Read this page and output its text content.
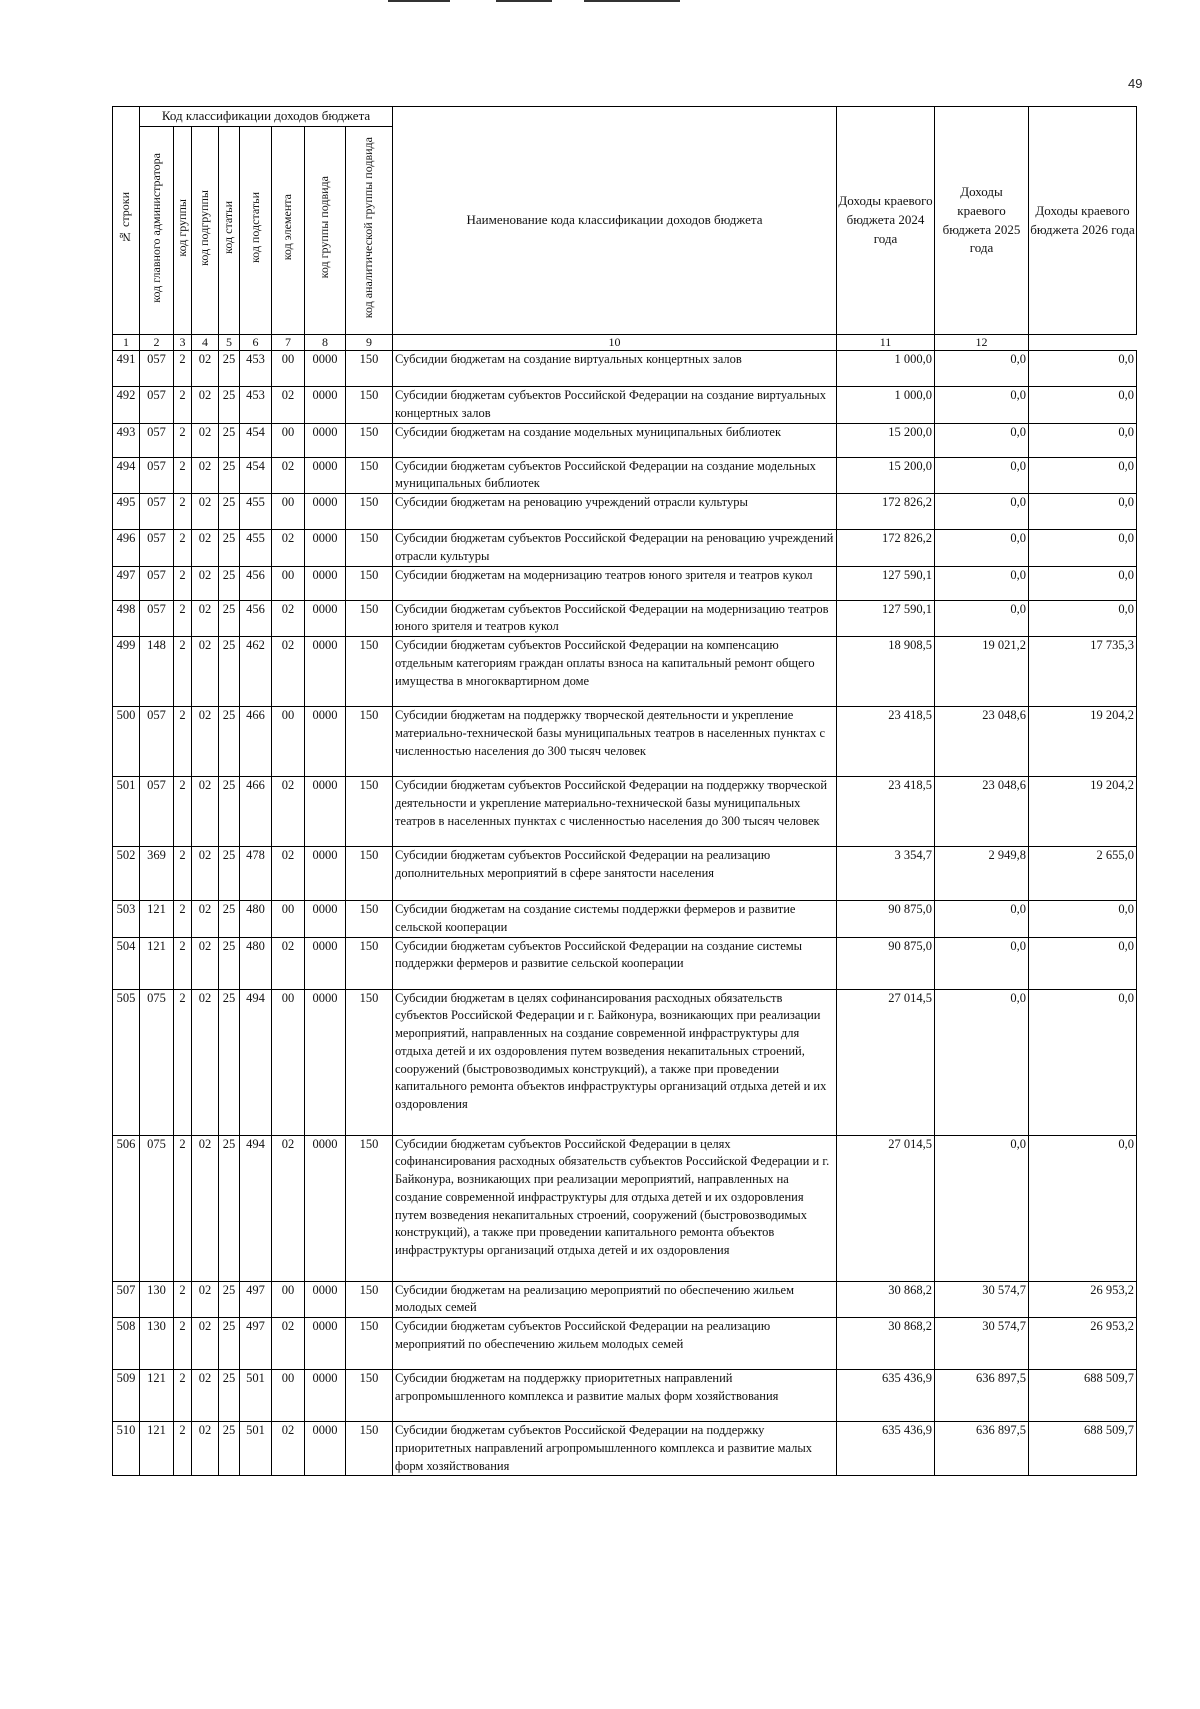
49
№ строки	Код классификации доходов бюджета								Наименование кода классификации доходов бюджета	Доходы краевого бюджета 2024 года	Доходы краевого бюджета 2025 года	Доходы краевого бюджета 2026 года
	код главного администратора	код группы	код подгруппы	код статьи	код подстатьи	код элемента	код группы подвида	код аналитической группы подвида				
1	2	3	4	5	6	7	8	9	10	11	12	
491	057	2	02	25	453	00	0000	150	Субсидии бюджетам на создание виртуальных концертных залов	1 000,0	0,0	0,0
492	057	2	02	25	453	02	0000	150	Субсидии бюджетам субъектов Российской Федерации на создание виртуальных концертных залов	1 000,0	0,0	0,0
493	057	2	02	25	454	00	0000	150	Субсидии бюджетам на создание модельных муниципальных библиотек	15 200,0	0,0	0,0
494	057	2	02	25	454	02	0000	150	Субсидии бюджетам субъектов Российской Федерации на создание модельных муниципальных библиотек	15 200,0	0,0	0,0
495	057	2	02	25	455	00	0000	150	Субсидии бюджетам на реновацию учреждений отрасли культуры	172 826,2	0,0	0,0
496	057	2	02	25	455	02	0000	150	Субсидии бюджетам субъектов Российской Федерации на реновацию учреждений отрасли культуры	172 826,2	0,0	0,0
497	057	2	02	25	456	00	0000	150	Субсидии бюджетам на модернизацию театров юного зрителя и театров кукол	127 590,1	0,0	0,0
498	057	2	02	25	456	02	0000	150	Субсидии бюджетам субъектов Российской Федерации на модернизацию театров юного зрителя и театров кукол	127 590,1	0,0	0,0
499	148	2	02	25	462	02	0000	150	Субсидии бюджетам субъектов Российской Федерации на компенсацию отдельным категориям граждан оплаты взноса на капитальный ремонт общего имущества в многоквартирном доме	18 908,5	19 021,2	17 735,3
500	057	2	02	25	466	00	0000	150	Субсидии бюджетам на поддержку творческой деятельности и укрепление материально-технической базы муниципальных театров в населенных пунктах с численностью населения до 300 тысяч человек	23 418,5	23 048,6	19 204,2
501	057	2	02	25	466	02	0000	150	Субсидии бюджетам субъектов Российской Федерации на поддержку творческой деятельности и укрепление материально-технической базы муниципальных театров в населенных пунктах с численностью населения до 300 тысяч человек	23 418,5	23 048,6	19 204,2
502	369	2	02	25	478	02	0000	150	Субсидии бюджетам субъектов Российской Федерации на реализацию дополнительных мероприятий в сфере занятости населения	3 354,7	2 949,8	2 655,0
503	121	2	02	25	480	00	0000	150	Субсидии бюджетам на создание системы поддержки фермеров и развитие сельской кооперации	90 875,0	0,0	0,0
504	121	2	02	25	480	02	0000	150	Субсидии бюджетам субъектов Российской Федерации на создание системы поддержки фермеров и развитие сельской кооперации	90 875,0	0,0	0,0
505	075	2	02	25	494	00	0000	150	Субсидии бюджетам в целях софинансирования расходных обязательств субъектов Российской Федерации и г. Байконура, возникающих при реализации мероприятий, направленных на создание современной инфраструктуры для отдыха детей и их оздоровления путем возведения некапитальных строений, сооружений (быстровозводимых конструкций), а также при проведении капитального ремонта объектов инфраструктуры организаций отдыха детей и их оздоровления	27 014,5	0,0	0,0
506	075	2	02	25	494	02	0000	150	Субсидии бюджетам субъектов Российской Федерации в целях софинансирования расходных обязательств субъектов Российской Федерации и г. Байконура, возникающих при реализации мероприятий, направленных на создание современной инфраструктуры для отдыха детей и их оздоровления путем возведения некапитальных строений, сооружений (быстровозводимых конструкций), а также при проведении капитального ремонта объектов инфраструктуры организаций отдыха детей и их оздоровления	27 014,5	0,0	0,0
507	130	2	02	25	497	00	0000	150	Субсидии бюджетам на реализацию мероприятий по обеспечению жильем молодых семей	30 868,2	30 574,7	26 953,2
508	130	2	02	25	497	02	0000	150	Субсидии бюджетам субъектов Российской Федерации на реализацию мероприятий по обеспечению жильем молодых семей	30 868,2	30 574,7	26 953,2
509	121	2	02	25	501	00	0000	150	Субсидии бюджетам на поддержку приоритетных направлений агропромышленного комплекса и развитие малых форм хозяйствования	635 436,9	636 897,5	688 509,7
510	121	2	02	25	501	02	0000	150	Субсидии бюджетам субъектов Российской Федерации на поддержку приоритетных направлений агропромышленного комплекса и развитие малых форм хозяйствования	635 436,9	636 897,5	688 509,7
